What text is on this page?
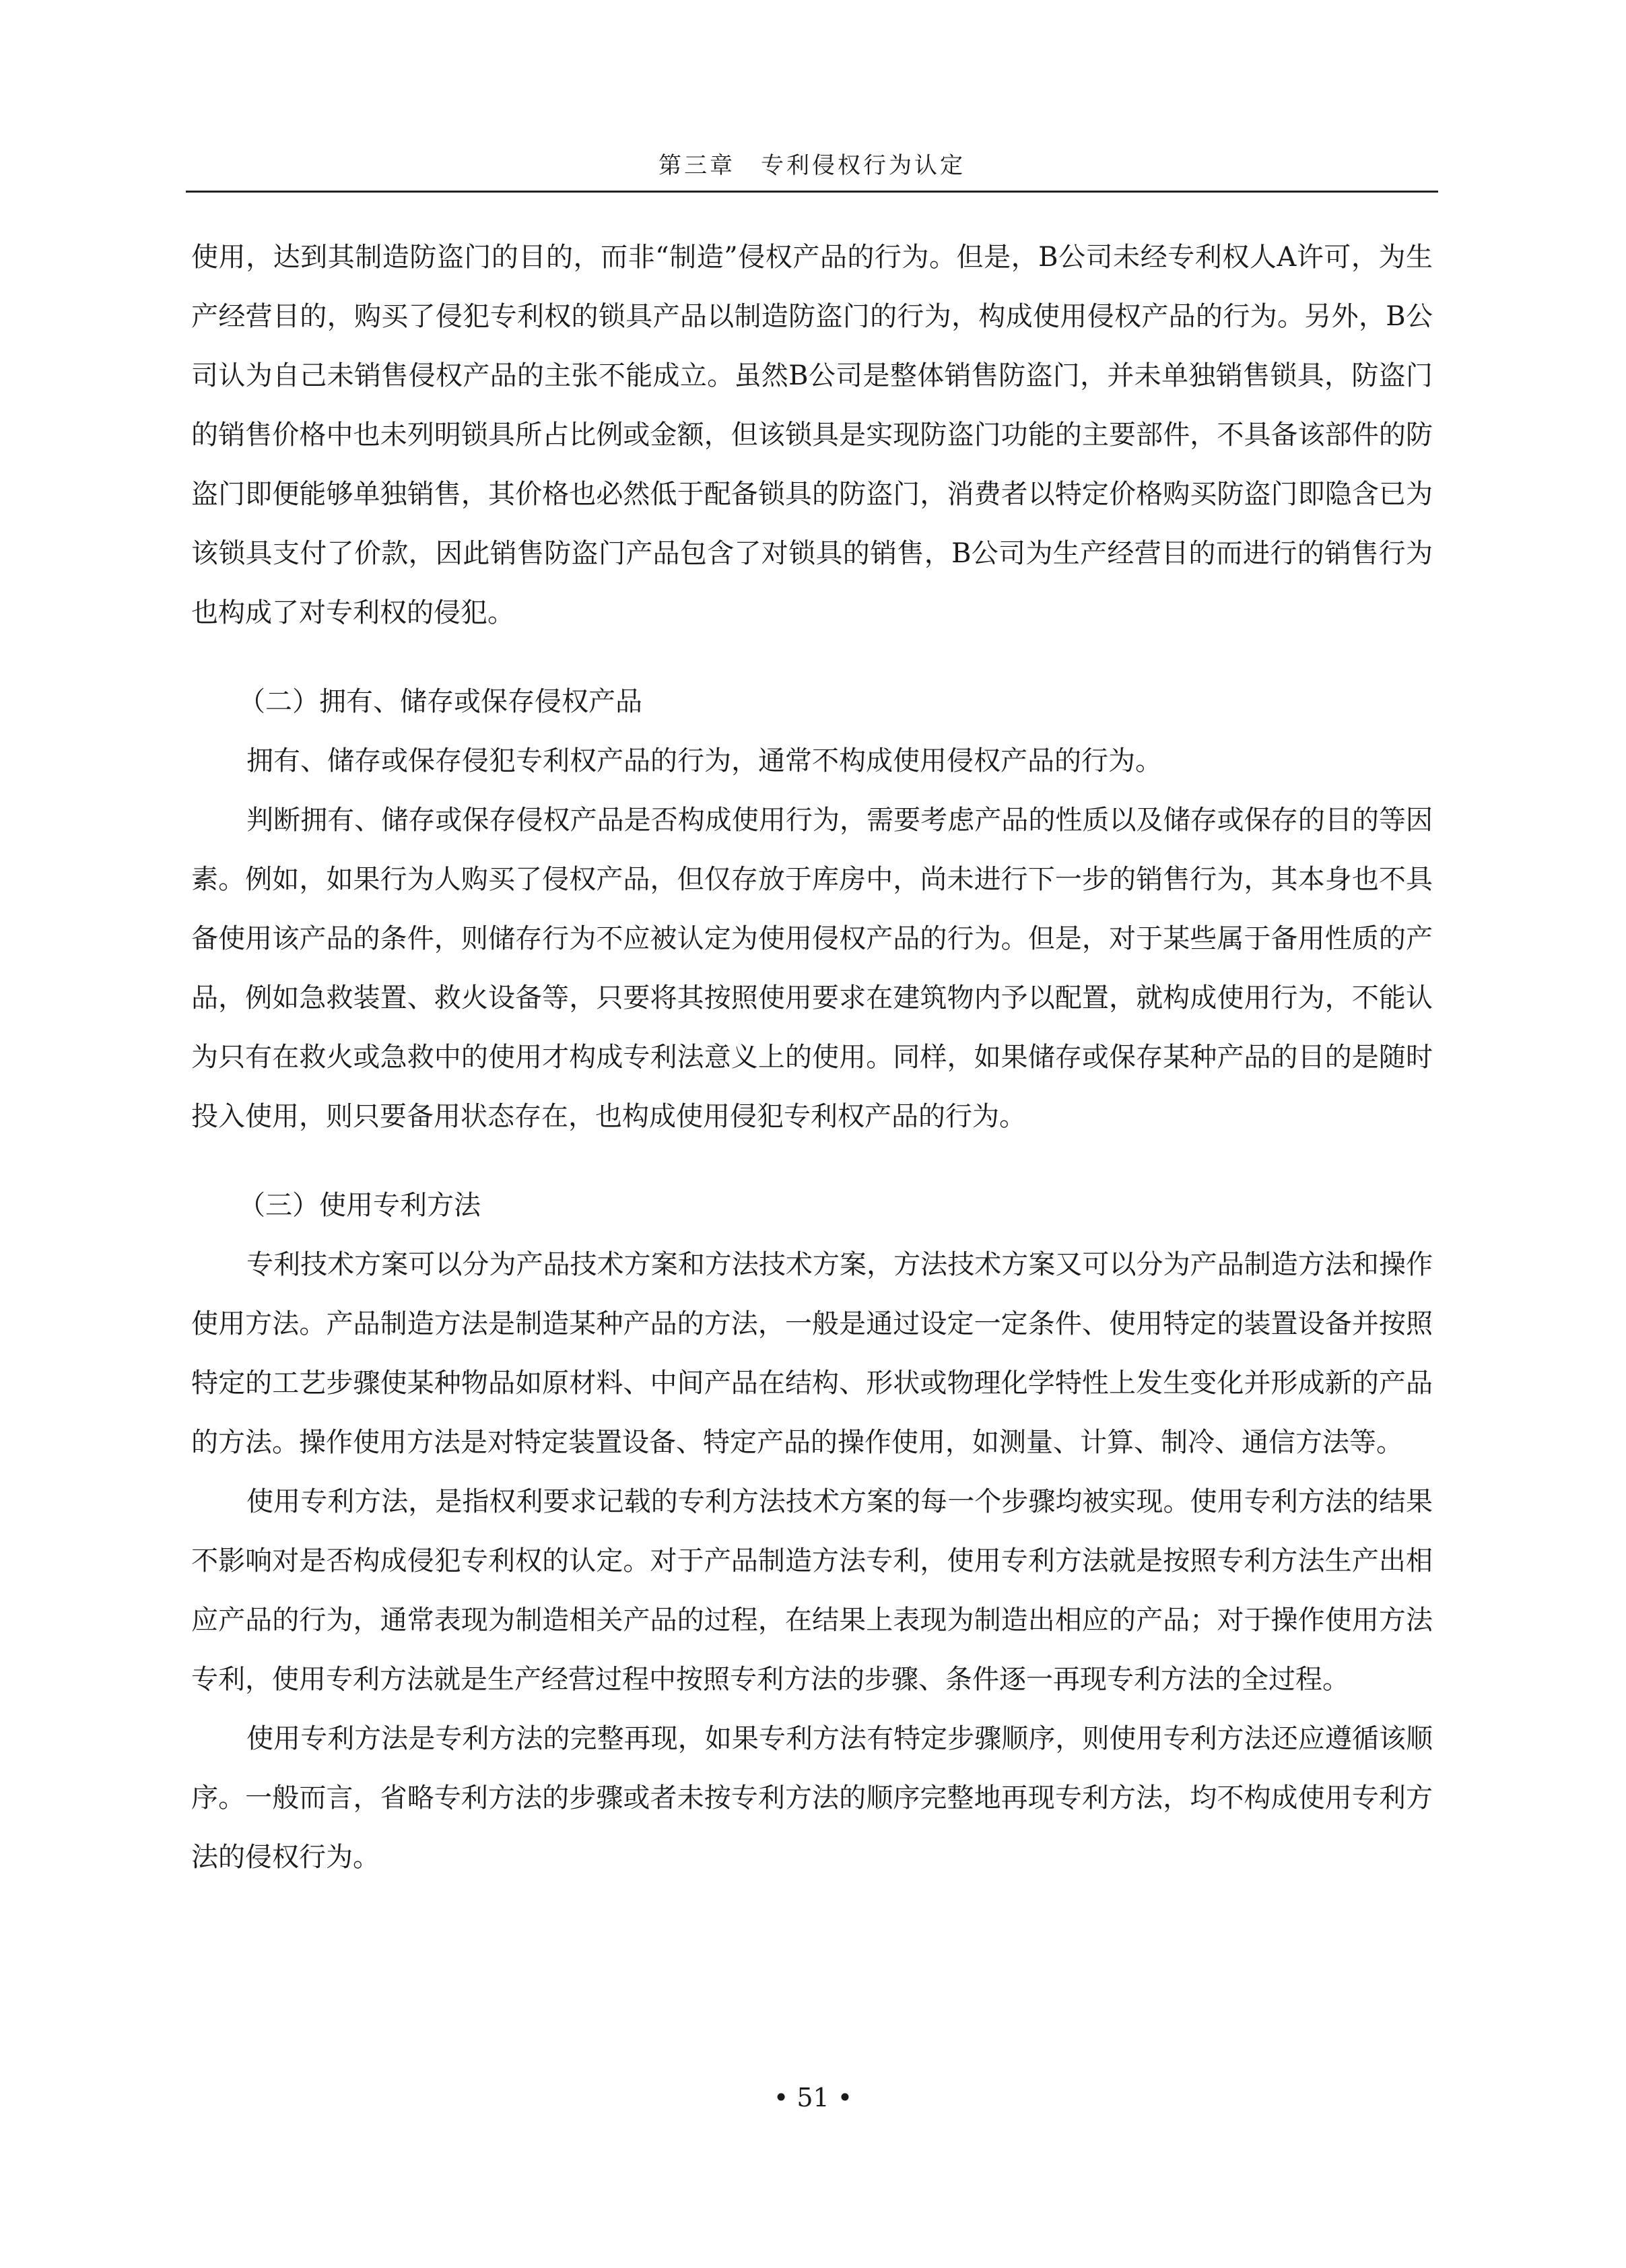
第三章　专利侵权行为认定

使用，达到其制造防盗门的目的，而非“制造”侵权产品的行为。但是，B公司未经专利权人A许可，为生产经营目的，购买了侵犯专利权的锁具产品以制造防盗门的行为，构成使用侵权产品的行为。另外，B公司认为自己未销售侵权产品的主张不能成立。虽然B公司是整体销售防盗门，并未单独销售锁具，防盗门的销售价格中也未列明锁具所占比例或金额，但该锁具是实现防盗门功能的主要部件，不具备该部件的防盗门即便能够单独销售，其价格也必然低于配备锁具的防盗门，消费者以特定价格购买防盗门即隐含已为该锁具支付了价款，因此销售防盗门产品包含了对锁具的销售，B公司为生产经营目的而进行的销售行为也构成了对专利权的侵犯。

（二）拥有、储存或保存侵权产品

拥有、储存或保存侵犯专利权产品的行为，通常不构成使用侵权产品的行为。

判断拥有、储存或保存侵权产品是否构成使用行为，需要考虑产品的性质以及储存或保存的目的等因素。例如，如果行为人购买了侵权产品，但仅存放于库房中，尚未进行下一步的销售行为，其本身也不具备使用该产品的条件，则储存行为不应被认定为使用侵权产品的行为。但是，对于某些属于备用性质的产品，例如急救装置、救火设备等，只要将其按照使用要求在建筑物内予以配置，就构成使用行为，不能认为只有在救火或急救中的使用才构成专利法意义上的使用。同样，如果储存或保存某种产品的目的是随时投入使用，则只要备用状态存在，也构成使用侵犯专利权产品的行为。

（三）使用专利方法

专利技术方案可以分为产品技术方案和方法技术方案，方法技术方案又可以分为产品制造方法和操作使用方法。产品制造方法是制造某种产品的方法，一般是通过设定一定条件、使用特定的装置设备并按照特定的工艺步骤使某种物品如原材料、中间产品在结构、形状或物理化学特性上发生变化并形成新的产品的方法。操作使用方法是对特定装置设备、特定产品的操作使用，如测量、计算、制冷、通信方法等。

使用专利方法，是指权利要求记载的专利方法技术方案的每一个步骤均被实现。使用专利方法的结果不影响对是否构成侵犯专利权的认定。对于产品制造方法专利，使用专利方法就是按照专利方法生产出相应产品的行为，通常表现为制造相关产品的过程，在结果上表现为制造出相应的产品；对于操作使用方法专利，使用专利方法就是生产经营过程中按照专利方法的步骤、条件逐一再现专利方法的全过程。

使用专利方法是专利方法的完整再现，如果专利方法有特定步骤顺序，则使用专利方法还应遵循该顺序。一般而言，省略专利方法的步骤或者未按专利方法的顺序完整地再现专利方法，均不构成使用专利方法的侵权行为。

• 51 •
